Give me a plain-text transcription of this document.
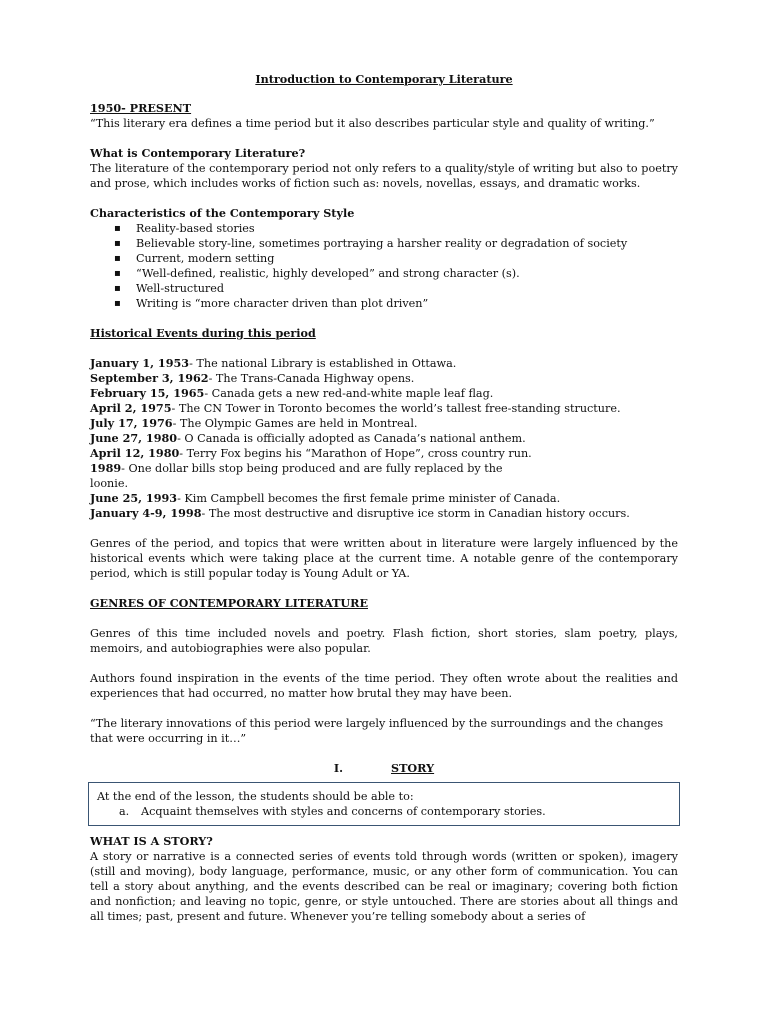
Introduction to Contemporary Literature

1950- PRESENT

“This literary era defines a time period but it also describes particular style and quality of writing.”

What is Contemporary Literature?

The literature of the contemporary period not only refers to a quality/style of writing but also to poetry and prose, which includes works of fiction such as: novels, novellas, essays, and dramatic works.

Characteristics of the Contemporary Style

▪ Reality-based stories
▪ Believable story-line, sometimes portraying a harsher reality or degradation of society
▪ Current, modern setting
▪ “Well-defined, realistic, highly developed” and strong character (s).
▪ Well-structured
▪ Writing is “more character driven than plot driven”

Historical Events during this period

January 1, 1953- The national Library is established in Ottawa.

September 3, 1962- The Trans-Canada Highway opens.

February 15, 1965- Canada gets a new red-and-white maple leaf flag.

April 2, 1975- The CN Tower in Toronto becomes the world’s tallest free-standing structure.

July 17, 1976- The Olympic Games are held in Montreal.

June 27, 1980- O Canada is officially adopted as Canada’s national anthem.

April 12, 1980- Terry Fox begins his “Marathon of Hope”, cross country run.

1989- One dollar bills stop being produced and are fully replaced by the

loonie.

June 25, 1993- Kim Campbell becomes the first female prime minister of Canada.

January 4-9, 1998- The most destructive and disruptive ice storm in Canadian history occurs.

Genres of the period, and topics that were written about in literature were largely influenced by the historical events which were taking place at the current time. A notable genre of the contemporary period, which is still popular today is Young Adult or YA.

GENRES OF CONTEMPORARY LITERATURE

Genres of this time included novels and poetry. Flash fiction, short stories, slam poetry, plays, memoirs, and autobiographies were also popular.

Authors found inspiration in the events of the time period. They often wrote about the realities and experiences that had occurred, no matter how brutal they may have been.

“The literary innovations of this period were largely influenced by the surroundings and the changes that were occurring in it…”

I.	STORY

At the end of the lesson, the students should be able to:

a. Acquaint themselves with styles and concerns of contemporary stories.

WHAT IS A STORY?

A story or narrative is a connected series of events told through words (written or spoken), imagery (still and moving), body language, performance, music, or any other form of communication. You can tell a story about anything, and the events described can be real or imaginary; covering both fiction and nonfiction; and leaving no topic, genre, or style untouched. There are stories about all things and all times; past, present and future. Whenever you’re telling somebody about a series of
